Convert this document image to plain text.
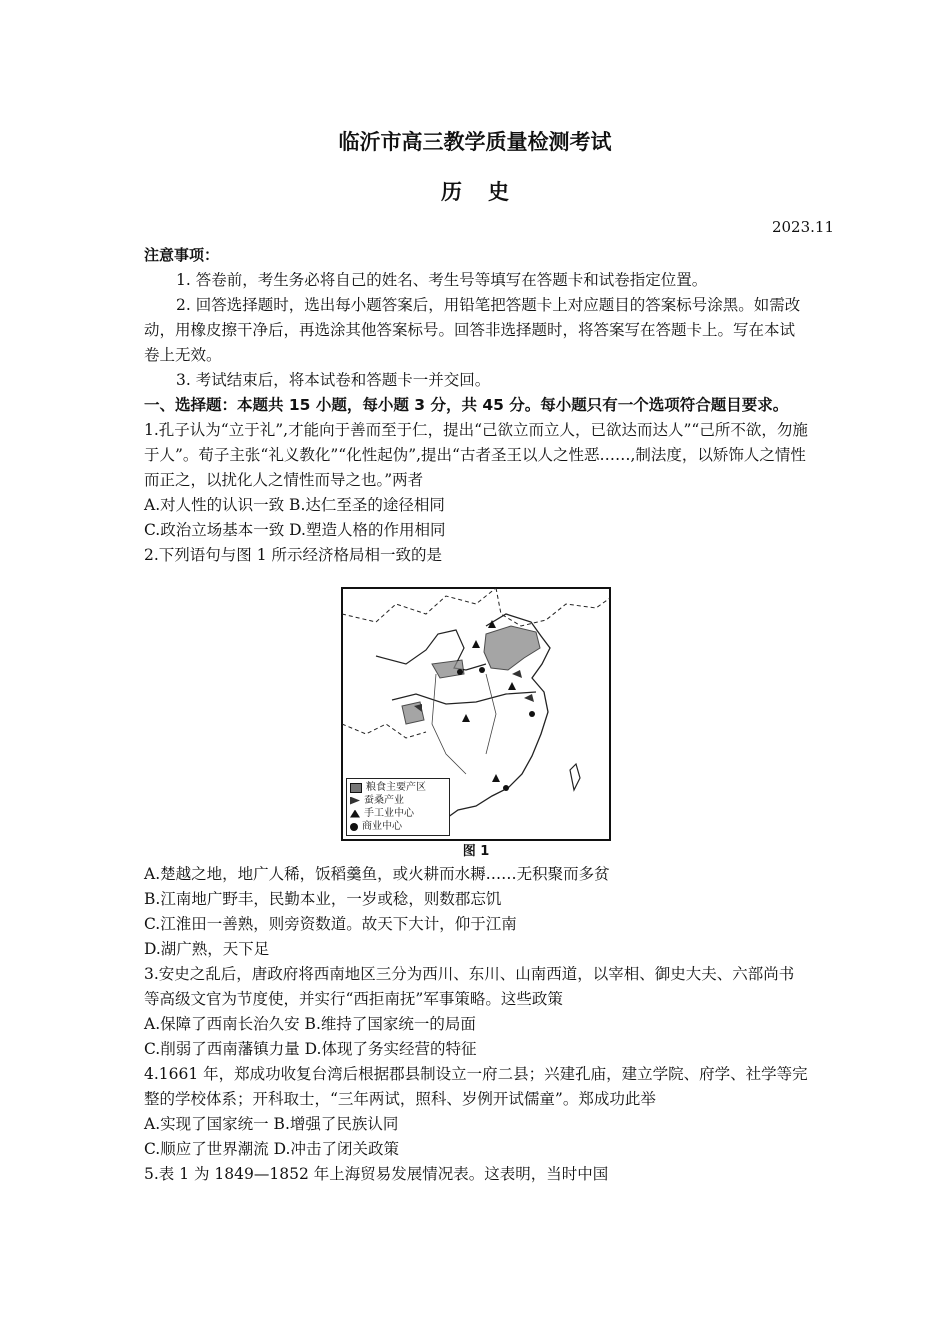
临沂市高三教学质量检测考试
历史
2023.11

注意事项：

1. 答卷前，考生务必将自己的姓名、考生号等填写在答题卡和试卷指定位置。

2. 回答选择题时，选出每小题答案后，用铅笔把答题卡上对应题目的答案标号涂黑。如需改动，用橡皮擦干净后，再选涂其他答案标号。回答非选择题时，将答案写在答题卡上。写在本试卷上无效。

3. 考试结束后，将本试卷和答题卡一并交回。

一、选择题：本题共 15 小题，每小题 3 分，共 45 分。每小题只有一个选项符合题目要求。

1.孔子认为“立于礼”,才能向于善而至于仁，提出“己欲立而立人，已欲达而达人”“己所不欲，勿施于人”。荀子主张“礼义教化”“化性起伪”,提出“古者圣王以人之性恶……,制法度，以矫饰人之情性而正之，以扰化人之情性而导之也。”两者

A.对人性的认识一致 B.达仁至圣的途径相同

C.政治立场基本一致 D.塑造人格的作用相同

2.下列语句与图 1 所示经济格局相一致的是

粮食主要产区
蚕桑产业
手工业中心
商业中心
图 1

A.楚越之地，地广人稀，饭稻羹鱼，或火耕而水耨……无积聚而多贫

B.江南地广野丰，民勤本业，一岁或稔，则数郡忘饥

C.江淮田一善熟，则旁资数道。故天下大计，仰于江南

D.湖广熟，天下足

3.安史之乱后，唐政府将西南地区三分为西川、东川、山南西道，以宰相、御史大夫、六部尚书等高级文官为节度使，并实行“西拒南抚”军事策略。这些政策

A.保障了西南长治久安 B.维持了国家统一的局面

C.削弱了西南藩镇力量 D.体现了务实经营的特征

4.1661 年，郑成功收复台湾后根据郡县制设立一府二县；兴建孔庙，建立学院、府学、社学等完整的学校体系；开科取士，“三年两试，照科、岁例开试儒童”。郑成功此举

A.实现了国家统一 B.增强了民族认同

C.顺应了世界潮流 D.冲击了闭关政策

5.表 1 为 1849—1852 年上海贸易发展情况表。这表明，当时中国
